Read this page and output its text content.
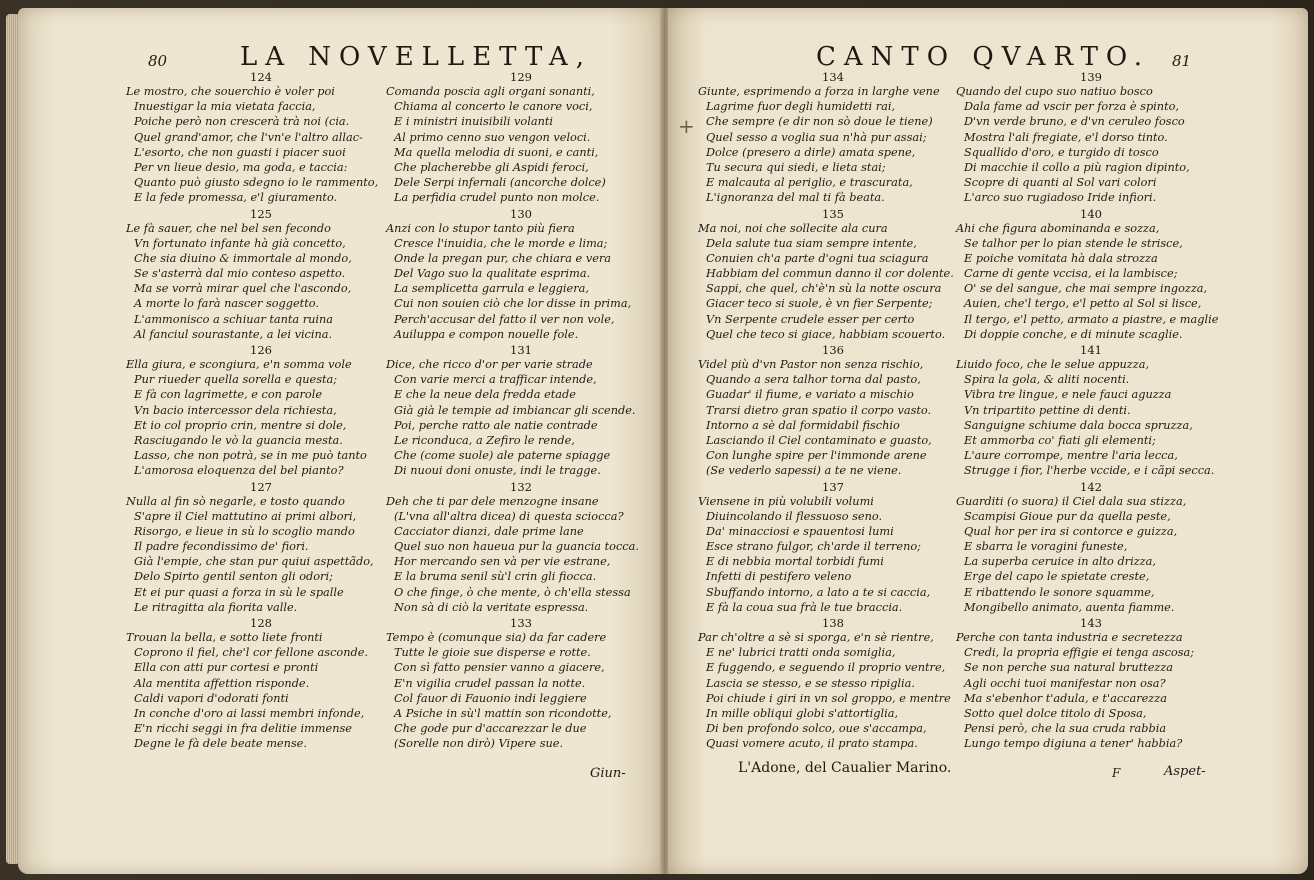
80	LA NOVELLETTA,
124
Le mostro, che souerchio è voler poi
Inuestigar la mia vietata faccia,
Poiche però non crescerà trà noi (cia.
Quel grand'amor, che l'vn'e l'altro allac-
L'esorto, che non guasti i piacer suoi
Per vn lieue desio, ma goda, e taccia:
Quanto può giusto sdegno io le rammento,
E la fede promessa, e'l giuramento.
125
Le fà sauer, che nel bel sen fecondo
Vn fortunato infante hà già concetto,
Che sia diuino & immortale al mondo,
Se s'asterrà dal mio conteso aspetto.
Ma se vorrà mirar quel che l'ascondo,
A morte lo farà nascer soggetto.
L'ammonisco a schiuar tanta ruina
Al fanciul sourastante, a lei vicina.
126
Ella giura, e scongiura, e'n somma vole
Pur riueder quella sorella e questa;
E fà con lagrimette, e con parole
Vn bacio intercessor dela richiesta,
Et io col proprio crin, mentre si dole,
Rasciugando le vò la guancia mesta.
Lasso, che non potrà, se in me può tanto
L'amorosa eloquenza del bel pianto?
127
Nulla al fin sò negarle, e tosto quando
S'apre il Ciel mattutino ai primi albori,
Risorgo, e lieue in sù lo scoglio mando
Il padre fecondissimo de' fiori.
Già l'empie, che stan pur quiui aspettãdo,
Delo Spirto gentil senton gli odori;
Et ei pur quasi a forza in sù le spalle
Le ritragitta ala fiorita valle.
128
Trouan la bella, e sotto liete fronti
Coprono il fiel, che'l cor fellone asconde.
Ella con atti pur cortesi e pronti
Ala mentita affettion risponde.
Caldi vapori d'odorati fonti
In conche d'oro ai lassi membri infonde,
E'n ricchi seggi in fra delitie immense
Degne le fà dele beate mense.
129
Comanda poscia agli organi sonanti,
Chiama al concerto le canore voci,
E i ministri inuisibili volanti
Al primo cenno suo vengon veloci.
Ma quella melodia di suoni, e canti,
Che placherebbe gli Aspidi feroci,
Dele Serpi infernali (ancorche dolce)
La perfidia crudel punto non molce.
130
Anzi con lo stupor tanto più fiera
Cresce l'inuidia, che le morde e lima;
Onde la pregan pur, che chiara e vera
Del Vago suo la qualitate esprima.
La semplicetta garrula e leggiera,
Cui non souien ciò che lor disse in prima,
Perch'accusar del fatto il ver non vole,
Auiluppa e compon nouelle fole.
131
Dice, che ricco d'or per varie strade
Con varie merci a trafficar intende,
E che la neue dela fredda etade
Già già le tempie ad imbiancar gli scende.
Poi, perche ratto ale natie contrade
Le riconduca, a Zefiro le rende,
Che (come suole) ale paterne spiagge
Di nuoui doni onuste, indi le tragge.
132
Deh che ti par dele menzogne insane
(L'vna all'altra dicea) di questa sciocca?
Cacciator dianzi, dale prime lane
Quel suo non haueua pur la guancia tocca.
Hor mercando sen và per vie estrane,
E la bruma senil sù'l crin gli fiocca.
O che finge, ò che mente, ò ch'ella stessa
Non sà di ciò la veritate espressa.
133
Tempo è (comunque sia) da far cadere
Tutte le gioie sue disperse e rotte.
Con sì fatto pensier vanno a giacere,
E'n vigilia crudel passan la notte.
Col fauor di Fauonio indi leggiere
A Psiche in sù'l mattin son ricondotte,
Che gode pur d'accarezzar le due
(Sorelle non dirò) Vipere sue.
Giun-
CANTO QVARTO. 81
+
134
Giunte, esprimendo a forza in larghe vene
Lagrime fuor degli humidetti rai,
Che sempre (e dir non sò doue le tiene)
Quel sesso a voglia sua n'hà pur assai;
Dolce (presero a dirle) amata spene,
Tu secura qui siedi, e lieta stai;
E malcauta al periglio, e trascurata,
L'ignoranza del mal ti fà beata.
135
Ma noi, noi che sollecite ala cura
Dela salute tua siam sempre intente,
Conuien ch'a parte d'ogni tua sciagura
Habbiam del commun danno il cor dolente.
Sappi, che quel, ch'è'n sù la notte oscura
Giacer teco si suole, è vn fier Serpente;
Vn Serpente crudele esser per certo
Quel che teco si giace, habbiam scouerto.
136
Videl più d'vn Pastor non senza rischio,
Quando a sera talhor torna dal pasto,
Guadar' il fiume, e variato a mischio
Trarsi dietro gran spatio il corpo vasto.
Intorno a sè dal formidabil fischio
Lasciando il Ciel contaminato e guasto,
Con lunghe spire per l'immonde arene
(Se vederlo sapessi) a te ne viene.
137
Viensene in più volubili volumi
Diuincolando il flessuoso seno.
Da' minacciosi e spauentosi lumi
Esce strano fulgor, ch'arde il terreno;
E di nebbia mortal torbidi fumi
Infetti di pestifero veleno
Sbuffando intorno, a lato a te si caccia,
E fà la coua sua frà le tue braccia.
138
Par ch'oltre a sè si sporga, e'n sè rientre,
E ne' lubrici tratti onda somiglia,
E fuggendo, e seguendo il proprio ventre,
Lascia se stesso, e se stesso ripiglia.
Poi chiude i giri in vn sol groppo, e mentre
In mille obliqui globi s'attortiglia,
Di ben profondo solco, oue s'accampa,
Quasi vomere acuto, il prato stampa.
139
Quando del cupo suo natiuo bosco
Dala fame ad vscir per forza è spinto,
D'vn verde bruno, e d'vn ceruleo fosco
Mostra l'ali fregiate, e'l dorso tinto.
Squallido d'oro, e turgido di tosco
Di macchie il collo a più ragion dipinto,
Scopre di quanti al Sol vari colori
L'arco suo rugiadoso Iride infiori.
140
Ahi che figura abominanda e sozza,
Se talhor per lo pian stende le strisce,
E poiche vomitata hà dala strozza
Carne di gente vccisa, ei la lambisce;
O' se del sangue, che mai sempre ingozza,
Auien, che'l tergo, e'l petto al Sol si lisce,
Il tergo, e'l petto, armato a piastre, e maglie
Di doppie conche, e di minute scaglie.
141
Liuido foco, che le selue appuzza,
Spira la gola, & aliti nocenti.
Vibra tre lingue, e nele fauci aguzza
Vn tripartito pettine di denti.
Sanguigne schiume dala bocca spruzza,
Et ammorba co' fiati gli elementi;
L'aure corrompe, mentre l'aria lecca,
Strugge i fior, l'herbe vccide, e i cãpi secca.
142
Guarditi (o suora) il Ciel dala sua stizza,
Scampisi Gioue pur da quella peste,
Qual hor per ira si contorce e guizza,
E sbarra le voragini funeste,
La superba ceruice in alto drizza,
Erge del capo le spietate creste,
E ribattendo le sonore squamme,
Mongibello animato, auenta fiamme.
143
Perche con tanta industria e secretezza
Credi, la propria effigie ei tenga ascosa;
Se non perche sua natural bruttezza
Agli occhi tuoi manifestar non osa?
Ma s'ebenhor t'adula, e t'accarezza
Sotto quel dolce titolo di Sposa,
Pensi però, che la sua cruda rabbia
Lungo tempo digiuna a tener' habbia?
L'Adone, del Caualier Marino.	F	Aspet-
